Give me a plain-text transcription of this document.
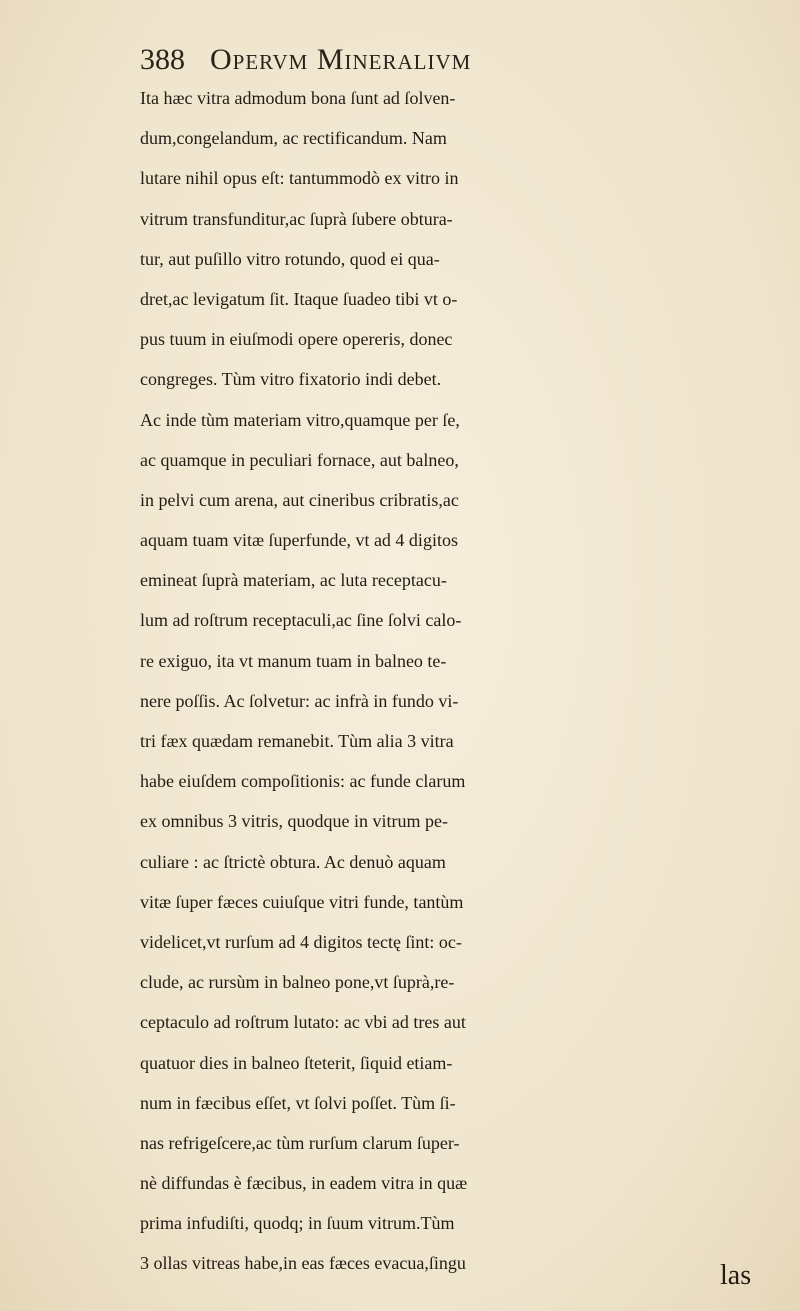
388 Opervm Mineralivm
Ita hæc vitra admodum bona ſunt ad ſolven-
dum,congelandum, ac rectificandum. Nam
lutare nihil opus eſt: tantummodò ex vitro in
vitrum transfunditur,ac ſuprà ſubere obtura-
tur, aut puſillo vitro rotundo, quod ei qua-
dret,ac levigatum ſit. Itaque ſuadeo tibi vt o-
pus tuum in eiuſmodi opere opereris, donec
congreges. Tùm vitro fixatorio indi debet.
Ac inde tùm materiam vitro,quamque per ſe,
ac quamque in peculiari fornace, aut balneo,
in pelvi cum arena, aut cineribus cribratis,ac
aquam tuam vitæ ſuperfunde, vt ad 4 digitos
emineat ſuprà materiam, ac luta receptacu-
lum ad roſtrum receptaculi,ac ſine ſolvi calo-
re exiguo, ita vt manum tuam in balneo te-
nere poſſis. Ac ſolvetur: ac infrà in fundo vi-
tri fæx quædam remanebit. Tùm alia 3 vitra
habe eiuſdem compoſitionis: ac funde clarum
ex omnibus 3 vitris, quodque in vitrum pe-
culiare : ac ſtrictè obtura. Ac denuò aquam
vitæ ſuper fæces cuiuſque vitri funde, tantùm
videlicet,vt rurſum ad 4 digitos tectę ſint: oc-
clude, ac rursùm in balneo pone,vt ſuprà,re-
ceptaculo ad roſtrum lutato: ac vbi ad tres aut
quatuor dies in balneo ſteterit, ſiquid etiam-
num in fæcibus eſſet, vt ſolvi poſſet. Tùm ſi-
nas refrigeſcere,ac tùm rurſum clarum ſuper-
nè diffundas è fæcibus, in eadem vitra in quæ
prima infudiſti, quodq; in ſuum vitrum.Tùm
3 ollas vitreas habe,in eas fæces evacua,ſingu	las
